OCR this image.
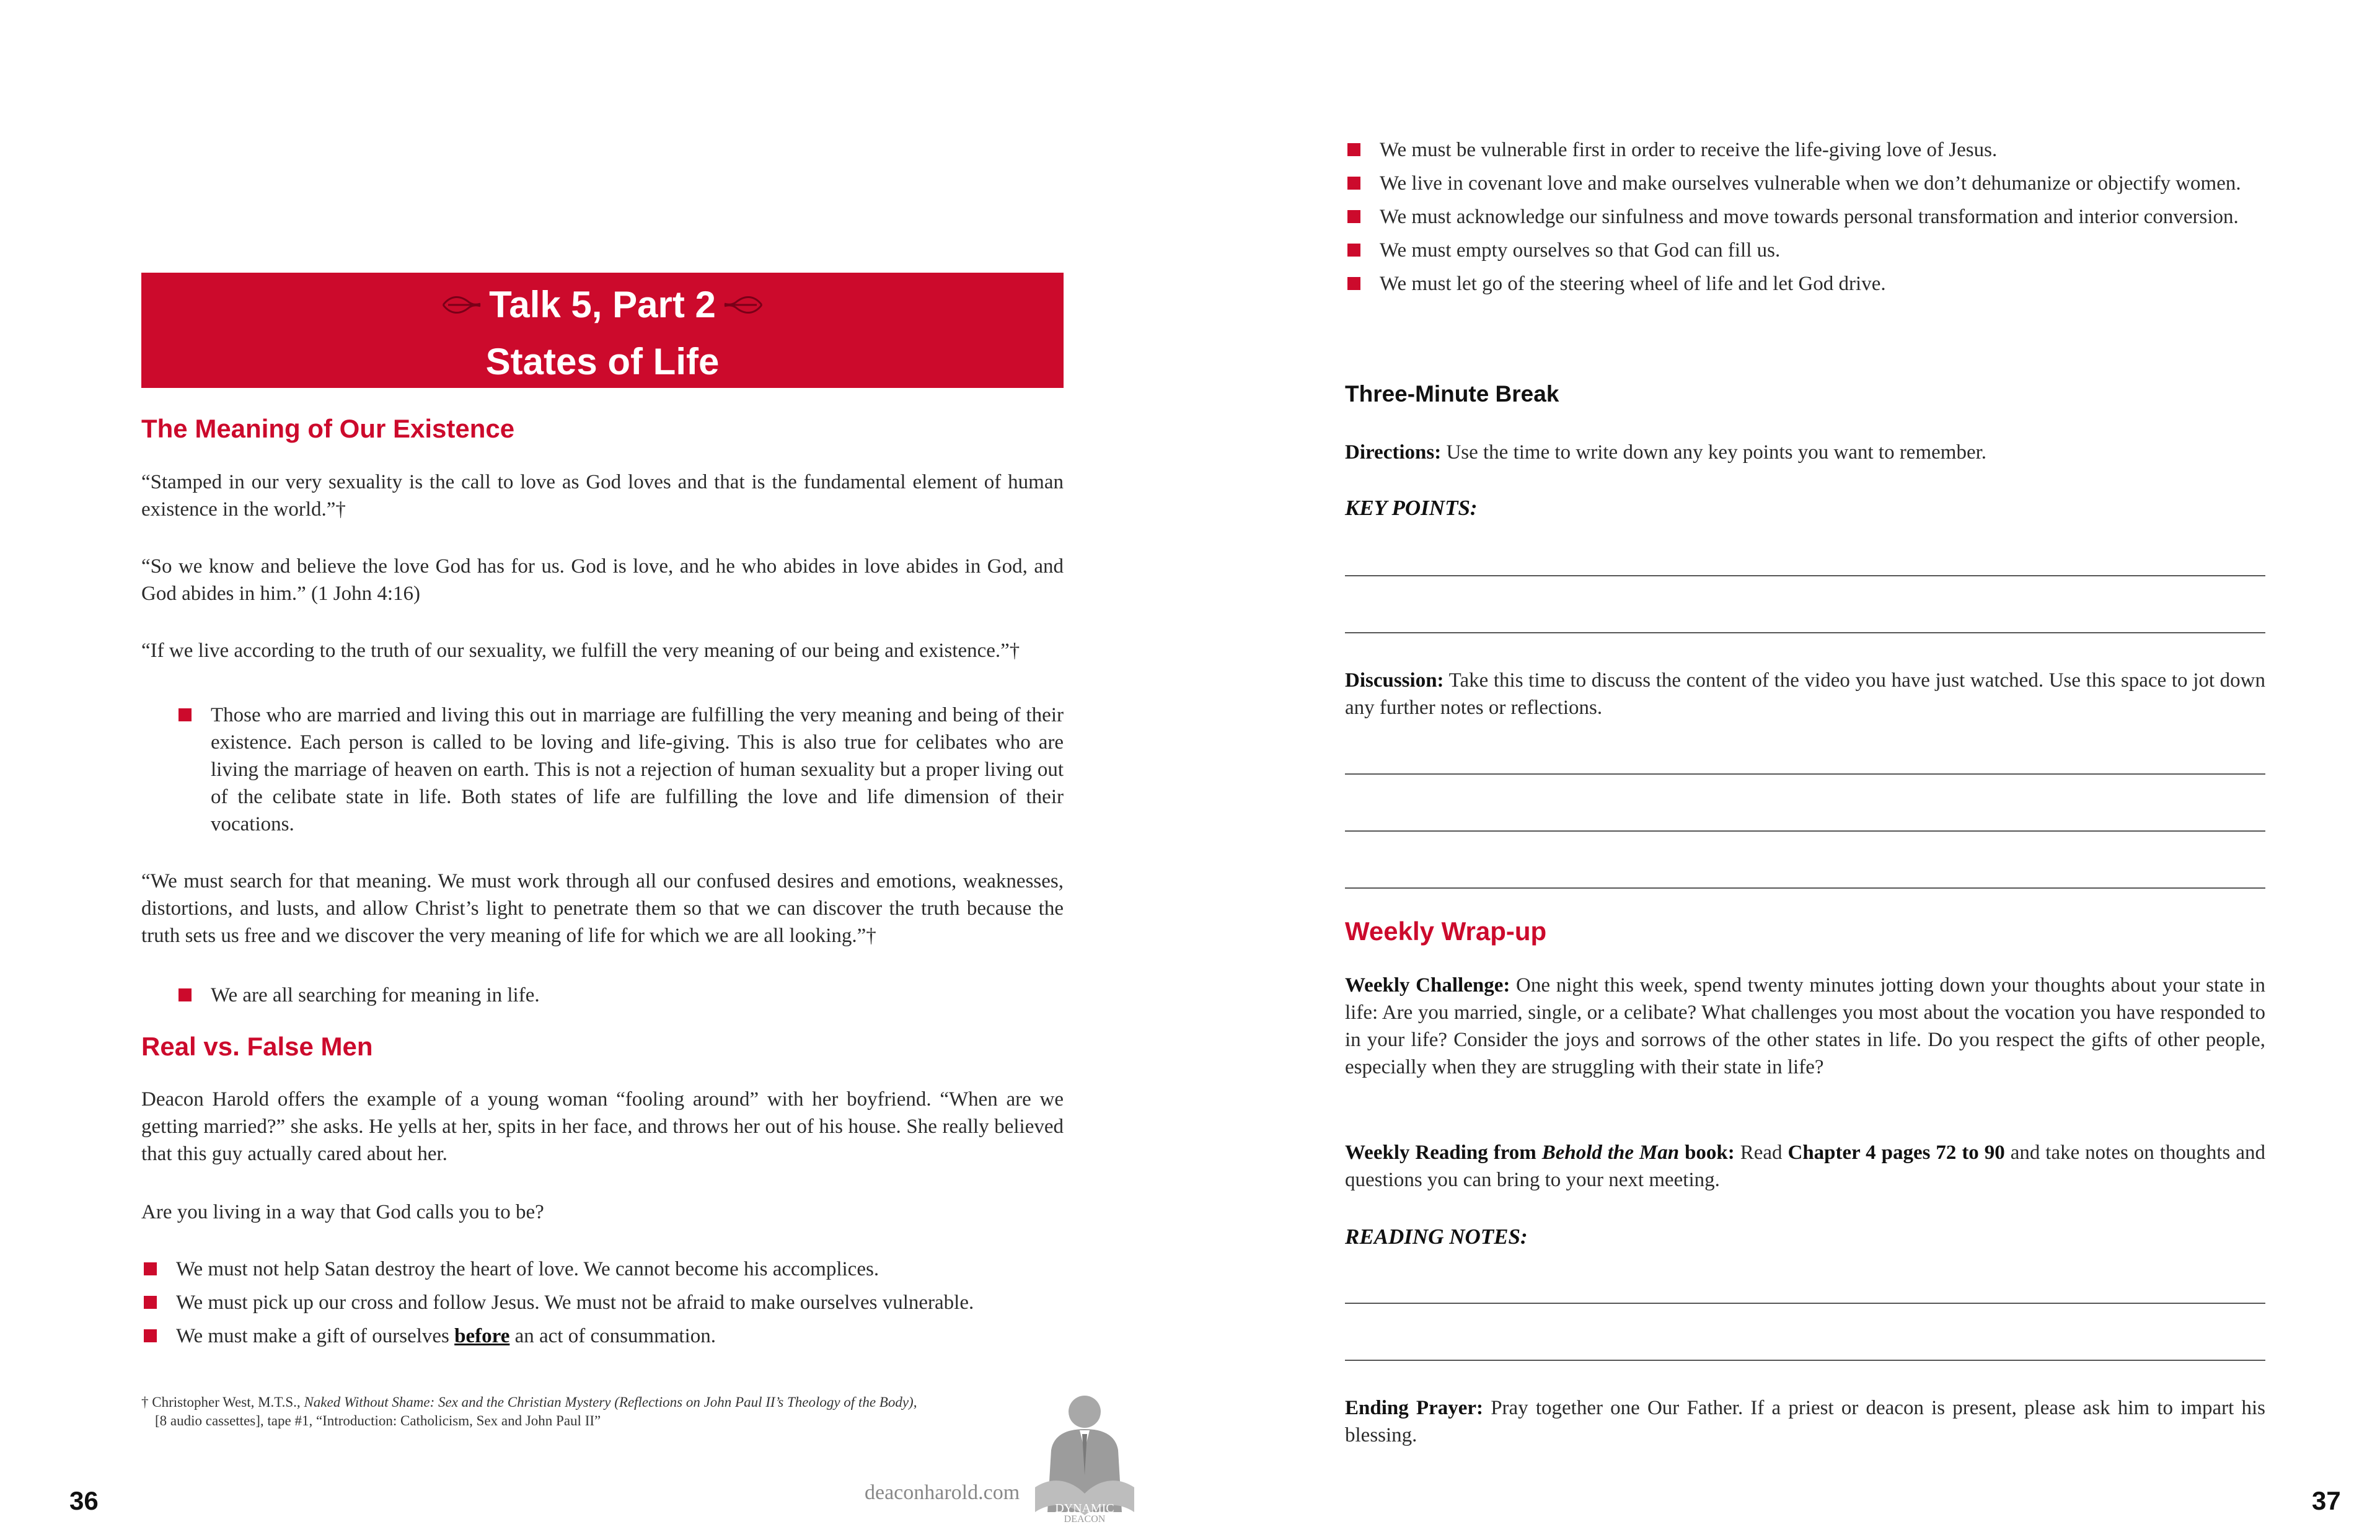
Talk 5, Part 2
States of Life
The Meaning of Our Existence

“Stamped in our very sexuality is the call to love as God loves and that is the fundamental element of human existence in the world.”†

“So we know and believe the love God has for us. God is love, and he who abides in love abides in God, and God abides in him.” (1 John 4:16)

“If we live according to the truth of our sexuality, we fulfill the very meaning of our being and existence.”†

Those who are married and living this out in marriage are fulfilling the very meaning and being of their existence. Each person is called to be loving and life-giving. This is also true for celibates who are living the marriage of heaven on earth. This is not a rejection of human sexuality but a proper living out of the celibate state in life. Both states of life are fulfilling the love and life dimension of their vocations.

“We must search for that meaning. We must work through all our confused desires and emotions, weaknesses, distortions, and lusts, and allow Christ’s light to penetrate them so that we can discover the truth because the truth sets us free and we discover the very meaning of life for which we are all looking.”†

We are all searching for meaning in life.
Real vs. False Men

Deacon Harold offers the example of a young woman “fooling around” with her boyfriend. “When are we getting married?” she asks. He yells at her, spits in her face, and throws her out of his house. She really believed that this guy actually cared about her.

Are you living in a way that God calls you to be?

We must not help Satan destroy the heart of love. We cannot become his accomplices.
We must pick up our cross and follow Jesus. We must not be afraid to make ourselves vulnerable.
We must make a gift of ourselves before an act of consummation.
† Christopher West, M.T.S., Naked Without Shame: Sex and the Christian Mystery (Reflections on John Paul II’s Theology of the Body),
[8 audio cassettes], tape #1, “Introduction: Catholicism, Sex and John Paul II”
deaconharold.com
DYNAMIC
DEACON
36
We must be vulnerable first in order to receive the life-giving love of Jesus.
We live in covenant love and make ourselves vulnerable when we don’t dehumanize or objectify women.
We must acknowledge our sinfulness and move towards personal transformation and interior conversion.
We must empty ourselves so that God can fill us.
We must let go of the steering wheel of life and let God drive.
Three-Minute Break

Directions: Use the time to write down any key points you want to remember.

KEY POINTS:

Discussion: Take this time to discuss the content of the video you have just watched. Use this space to jot down any further notes or reflections.

Weekly Wrap-up

Weekly Challenge: One night this week, spend twenty minutes jotting down your thoughts about your state in life: Are you married, single, or a celibate? What challenges you most about the vocation you have responded to in your life? Consider the joys and sorrows of the other states in life. Do you respect the gifts of other people, especially when they are struggling with their state in life?

Weekly Reading from Behold the Man book: Read Chapter 4 pages 72 to 90 and take notes on thoughts and questions you can bring to your next meeting.

READING NOTES:

Ending Prayer: Pray together one Our Father. If a priest or deacon is present, please ask him to impart his blessing.

37
